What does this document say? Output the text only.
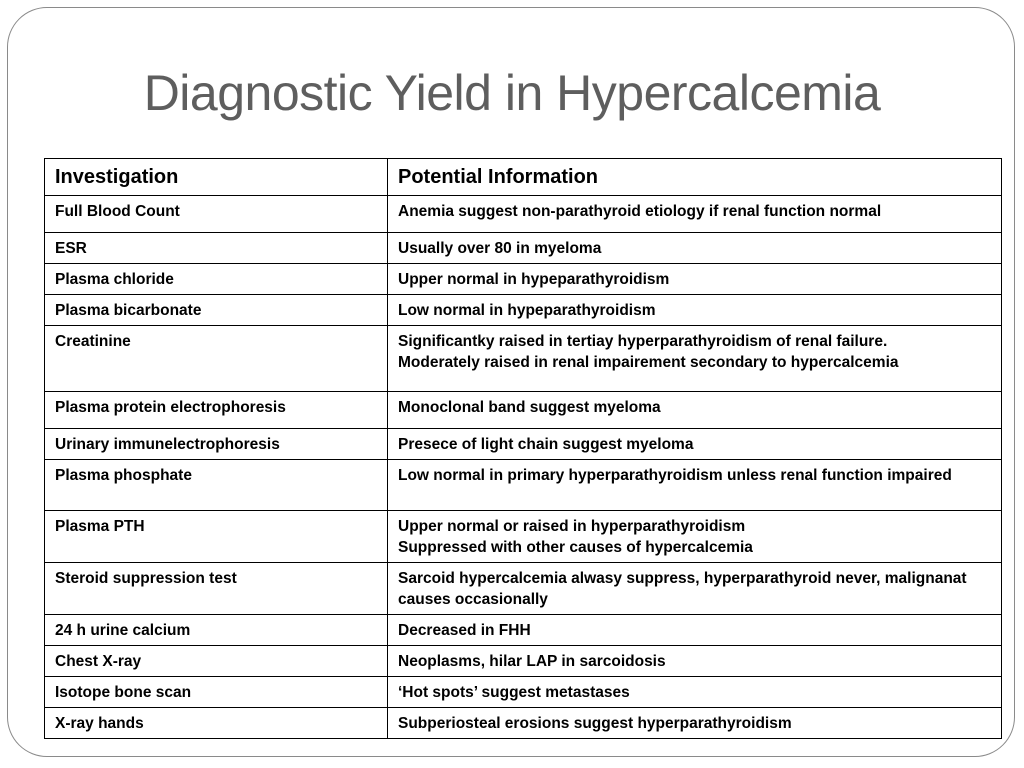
Diagnostic Yield in Hypercalcemia
Investigation	Potential Information
Full Blood Count	Anemia suggest non-parathyroid etiology if renal function normal

ESR	Usually over 80 in myeloma

Plasma chloride	Upper normal in hypeparathyroidism

Plasma bicarbonate	Low normal in hypeparathyroidism

Creatinine	Significantky raised in tertiay hyperparathyroidism of renal failure.
Moderately raised in renal impairement secondary to hypercalcemia

Plasma protein electrophoresis	Monoclonal band suggest myeloma

Urinary immunelectrophoresis	Presece of light chain suggest myeloma

Plasma phosphate	Low normal in primary hyperparathyroidism unless renal function impaired

Plasma PTH	Upper normal or raised in hyperparathyroidism
Suppressed with other causes of hypercalcemia

Steroid suppression test	Sarcoid hypercalcemia alwasy suppress, hyperparathyroid never, malignanat causes occasionally

24 h urine calcium	Decreased in FHH

Chest X-ray	Neoplasms, hilar LAP in sarcoidosis

Isotope bone scan	‘Hot spots’ suggest metastases

X-ray hands	Subperiosteal erosions suggest hyperparathyroidism
